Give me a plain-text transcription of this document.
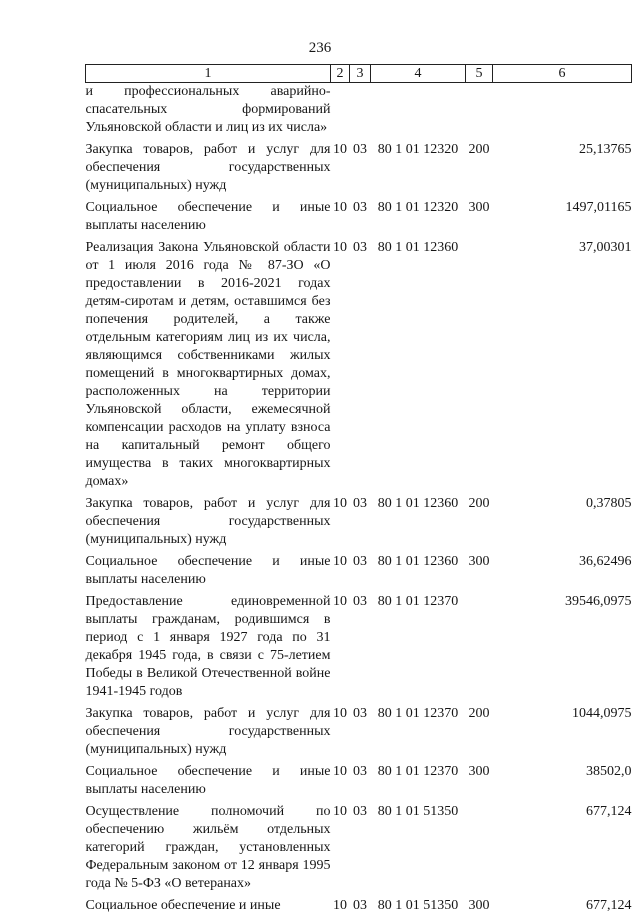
236
1	2	3	4	5	6
и профессиональных аварийно-спасательных формирований Ульяновской области и лиц из их числа»					
Закупка товаров, работ и услуг для обеспечения государственных (муниципальных) нужд	10	03	80 1 01 12320	200	25,13765
Социальное обеспечение и иные выплаты населению	10	03	80 1 01 12320	300	1497,01165
Реализация Закона Ульяновской области от 1 июля 2016 года № 87-ЗО «О предоставлении в 2016-2021 годах детям-сиротам и детям, оставшимся без попечения родителей, а также отдельным категориям лиц из их числа, являющимся собственниками жилых помещений в многоквартирных домах, расположенных на территории Ульяновской области, ежемесячной компенсации расходов на уплату взноса на капитальный ремонт общего имущества в таких многоквартирных домах»	10	03	80 1 01 12360		37,00301
Закупка товаров, работ и услуг для обеспечения государственных (муниципальных) нужд	10	03	80 1 01 12360	200	0,37805
Социальное обеспечение и иные выплаты населению	10	03	80 1 01 12360	300	36,62496
Предоставление единовременной выплаты гражданам, родившимся в период с 1 января 1927 года по 31 декабря 1945 года, в связи с 75-летием Победы в Великой Отечественной войне 1941-1945 годов	10	03	80 1 01 12370		39546,0975
Закупка товаров, работ и услуг для обеспечения государственных (муниципальных) нужд	10	03	80 1 01 12370	200	1044,0975
Социальное обеспечение и иные выплаты населению	10	03	80 1 01 12370	300	38502,0
Осуществление полномочий по обеспечению жильём отдельных категорий граждан, установленных Федеральным законом от 12 января 1995 года № 5-ФЗ «О ветеранах»	10	03	80 1 01 51350		677,124
Социальное обеспечение и иные	10	03	80 1 01 51350	300	677,124
